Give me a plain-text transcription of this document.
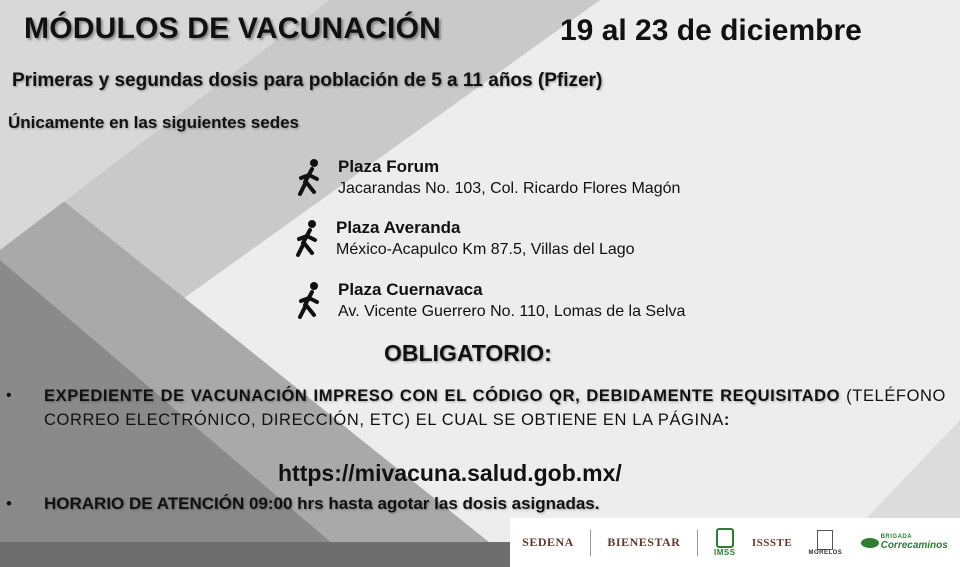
MÓDULOS DE VACUNACIÓN	19 al 23 de diciembre
Primeras y segundas dosis para población de 5 a 11 años (Pfizer)
Únicamente en las siguientes sedes
Plaza Forum
Jacarandas No. 103, Col. Ricardo Flores Magón
Plaza Averanda
México-Acapulco Km 87.5, Villas del Lago
Plaza Cuernavaca
Av. Vicente Guerrero No. 110, Lomas de la Selva
OBLIGATORIO:
• EXPEDIENTE DE VACUNACIÓN IMPRESO CON EL CÓDIGO QR, DEBIDAMENTE REQUISITADO (TELÉFONO CORREO ELECTRÓNICO, DIRECCIÓN, ETC) EL CUAL SE OBTIENE EN LA PÁGINA:
https://mivacuna.salud.gob.mx/
• HORARIO DE ATENCIÓN 09:00 hrs hasta agotar las dosis asignadas.
SEDENA	BIENESTAR
IMSS
ISSSTE
MORELOS
BRIGADA
Correcaminos
